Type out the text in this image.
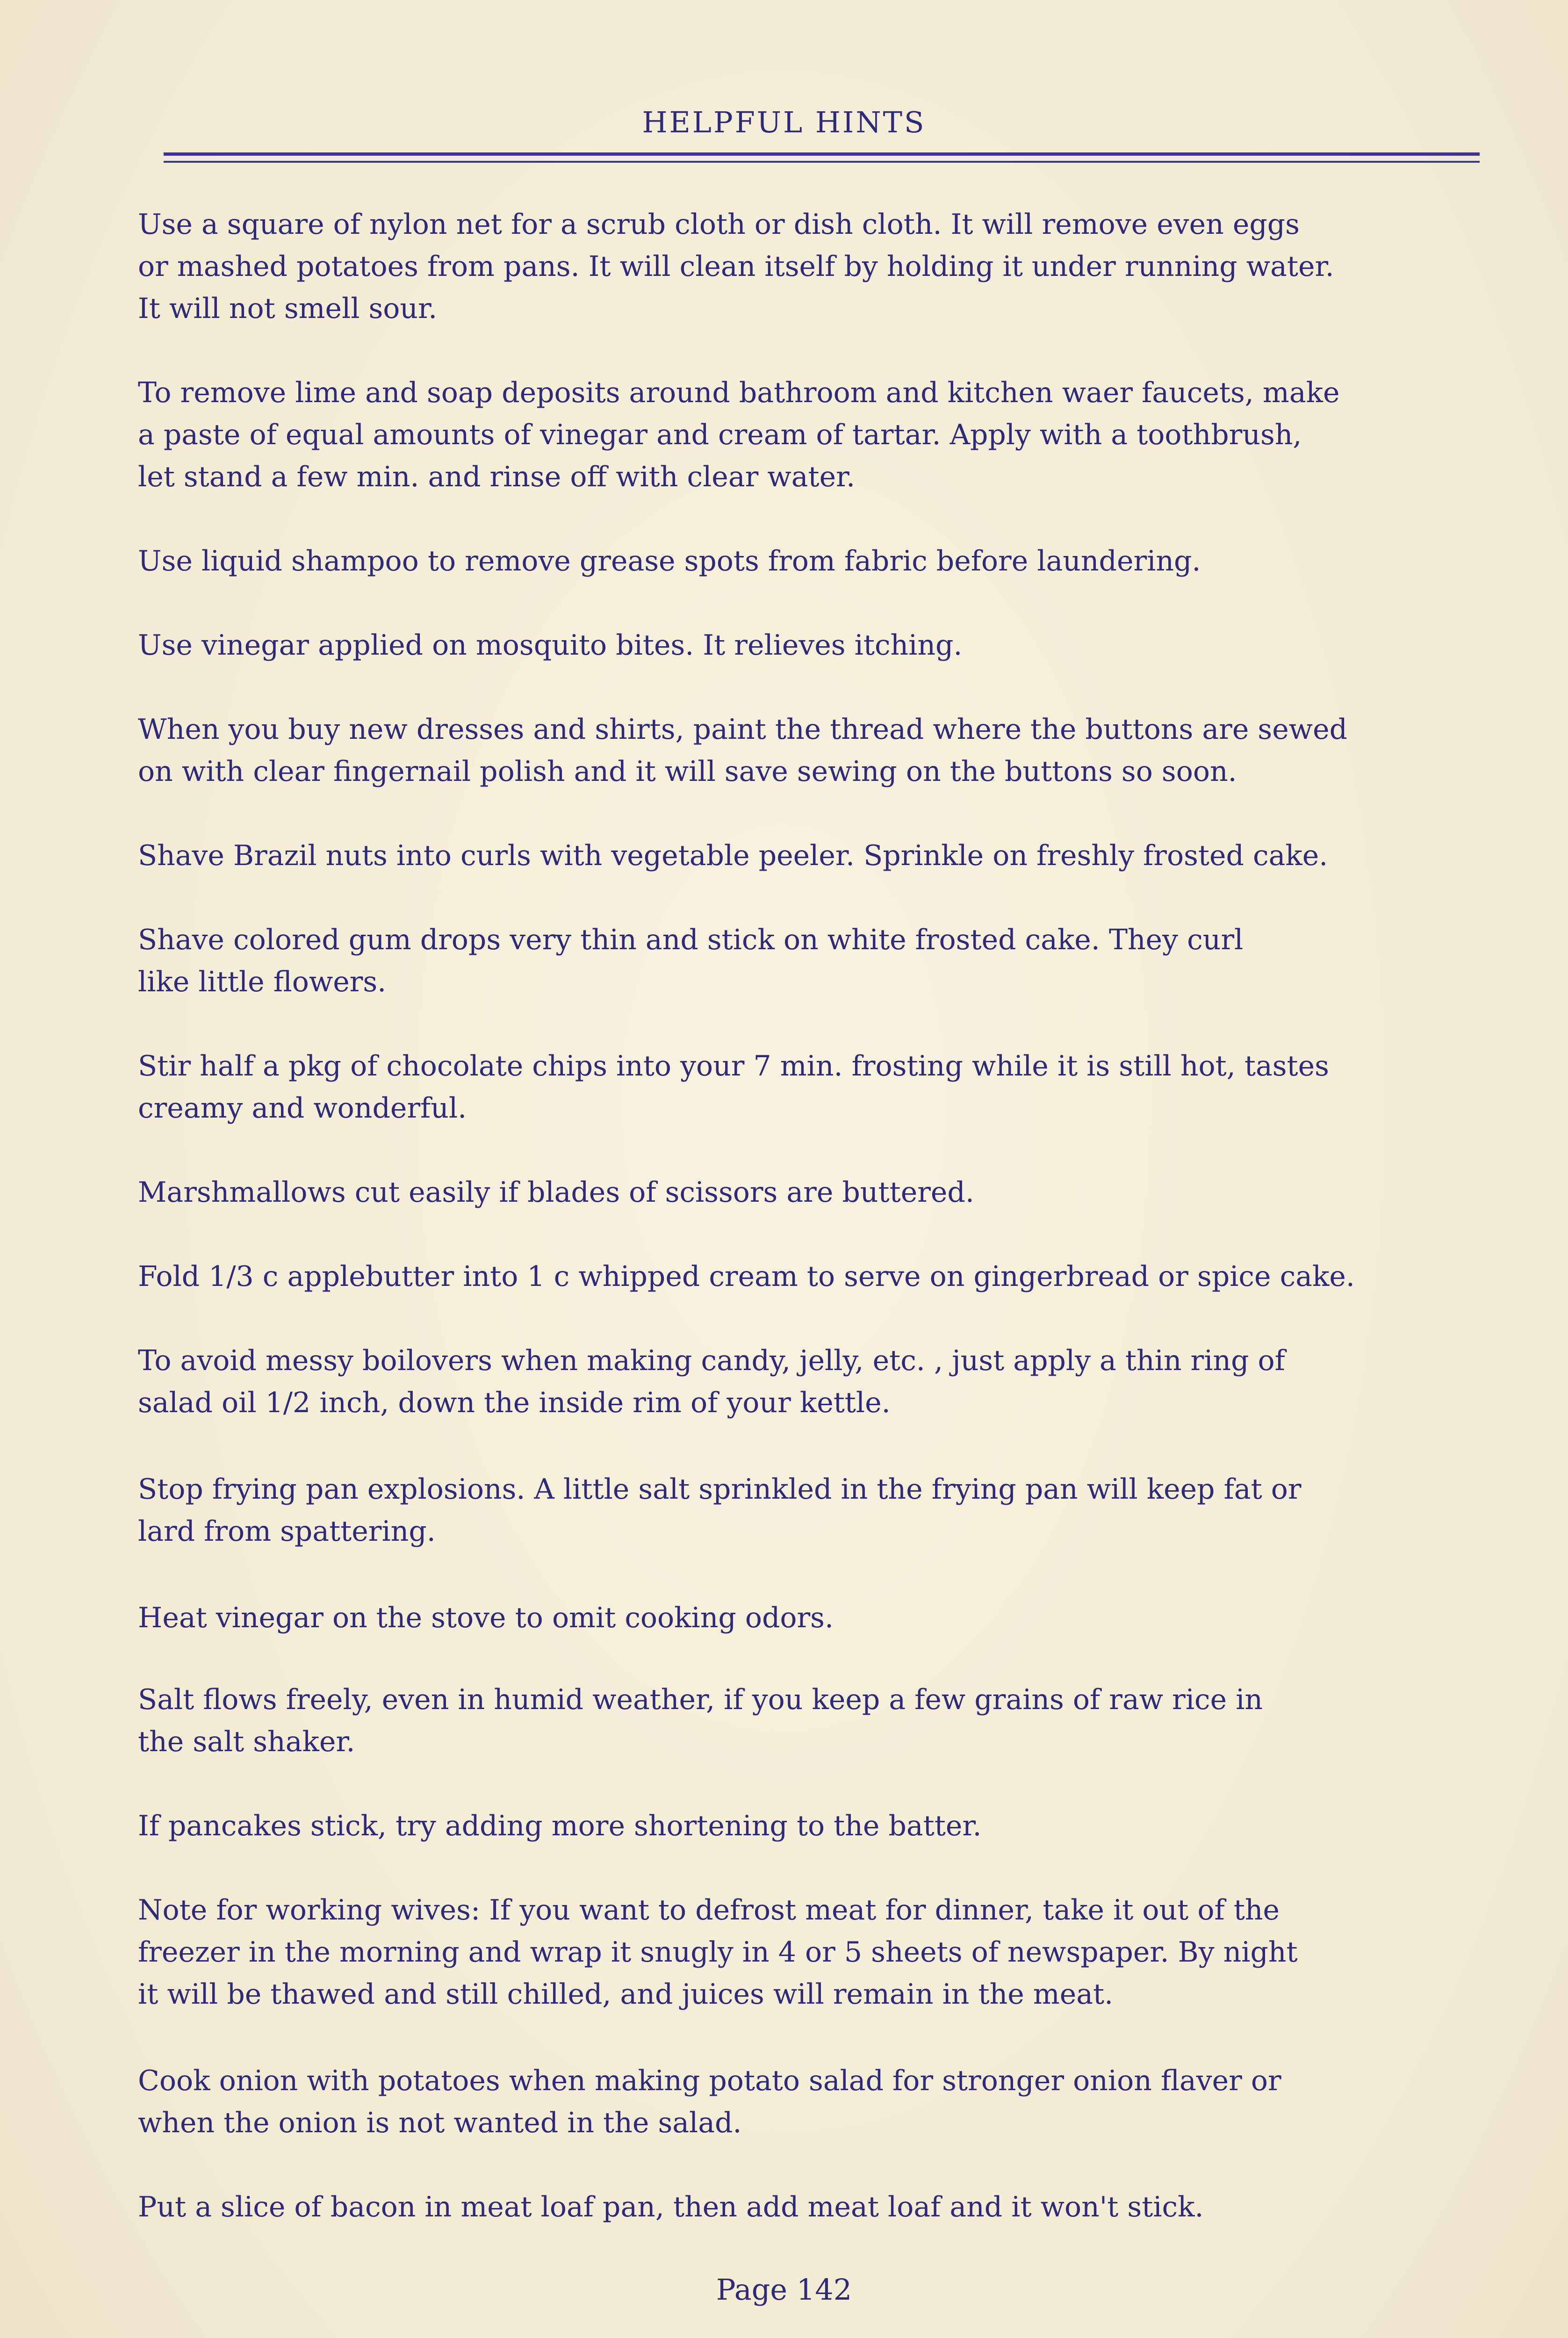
HELPFUL HINTS
Use a square of nylon net for a scrub cloth or dish cloth. It will remove even eggs
or mashed potatoes from pans. It will clean itself by holding it under running water.
It will not smell sour.
To remove lime and soap deposits around bathroom and kitchen waer faucets, make
a paste of equal amounts of vinegar and cream of tartar. Apply with a toothbrush,
let stand a few min. and rinse off with clear water.
Use liquid shampoo to remove grease spots from fabric before laundering.
Use vinegar applied on mosquito bites. It relieves itching.
When you buy new dresses and shirts, paint the thread where the buttons are sewed
on with clear fingernail polish and it will save sewing on the buttons so soon.
Shave Brazil nuts into curls with vegetable peeler. Sprinkle on freshly frosted cake.
Shave colored gum drops very thin and stick on white frosted cake. They curl
like little flowers.
Stir half a pkg of chocolate chips into your 7 min. frosting while it is still hot, tastes
creamy and wonderful.
Marshmallows cut easily if blades of scissors are buttered.
Fold 1/3 c applebutter into 1 c whipped cream to serve on gingerbread or spice cake.
To avoid messy boilovers when making candy, jelly, etc. , just apply a thin ring of
salad oil 1/2 inch, down the inside rim of your kettle.
Stop frying pan explosions. A little salt sprinkled in the frying pan will keep fat or
lard from spattering.
Heat vinegar on the stove to omit cooking odors.
Salt flows freely, even in humid weather, if you keep a few grains of raw rice in
the salt shaker.
If pancakes stick, try adding more shortening to the batter.
Note for working wives: If you want to defrost meat for dinner, take it out of the
freezer in the morning and wrap it snugly in 4 or 5 sheets of newspaper. By night
it will be thawed and still chilled, and juices will remain in the meat.
Cook onion with potatoes when making potato salad for stronger onion flaver or
when the onion is not wanted in the salad.
Put a slice of bacon in meat loaf pan, then add meat loaf and it won't stick.
Page 142
